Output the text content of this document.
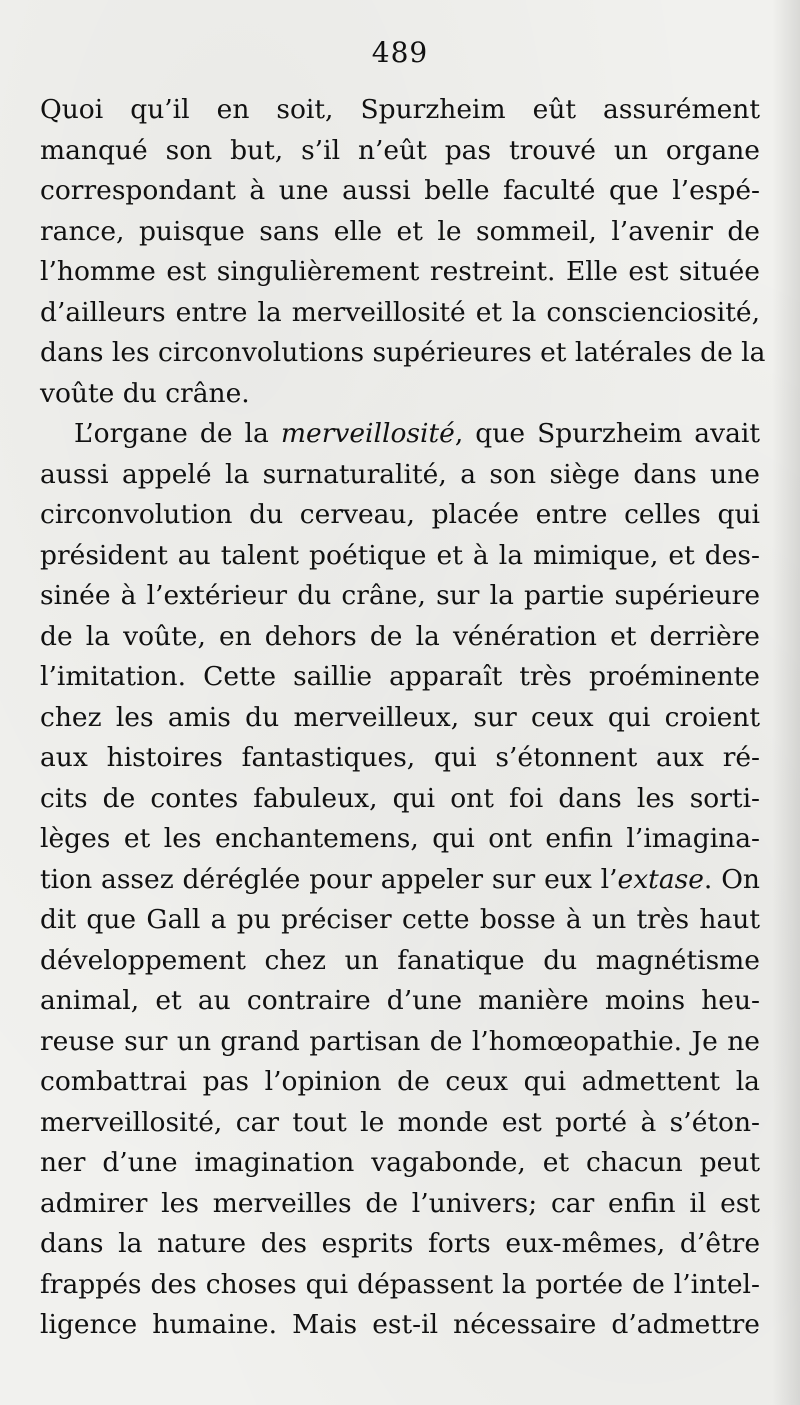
489
Quoi qu’il en soit, Spurzheim eût assurément
manqué son but, s’il n’eût pas trouvé un organe
correspondant à une aussi belle faculté que l’espé-
rance, puisque sans elle et le sommeil, l’avenir de
l’homme est singulièrement restreint. Elle est située
d’ailleurs entre la merveillosité et la conscienciosité,
dans les circonvolutions supérieures et latérales de la
voûte du crâne.
L’organe de la merveillosité, que Spurzheim avait
aussi appelé la surnaturalité, a son siège dans une
circonvolution du cerveau, placée entre celles qui
président au talent poétique et à la mimique, et des-
sinée à l’extérieur du crâne, sur la partie supérieure
de la voûte, en dehors de la vénération et derrière
l’imitation. Cette saillie apparaît très proéminente
chez les amis du merveilleux, sur ceux qui croient
aux histoires fantastiques, qui s’étonnent aux ré-
cits de contes fabuleux, qui ont foi dans les sorti-
lèges et les enchantemens, qui ont enfin l’imagina-
tion assez déréglée pour appeler sur eux l’extase. On
dit que Gall a pu préciser cette bosse à un très haut
développement chez un fanatique du magnétisme
animal, et au contraire d’une manière moins heu-
reuse sur un grand partisan de l’homœopathie. Je ne
combattrai pas l’opinion de ceux qui admettent la
merveillosité, car tout le monde est porté à s’éton-
ner d’une imagination vagabonde, et chacun peut
admirer les merveilles de l’univers; car enfin il est
dans la nature des esprits forts eux-mêmes, d’être
frappés des choses qui dépassent la portée de l’intel-
ligence humaine. Mais est-il nécessaire d’admettre
